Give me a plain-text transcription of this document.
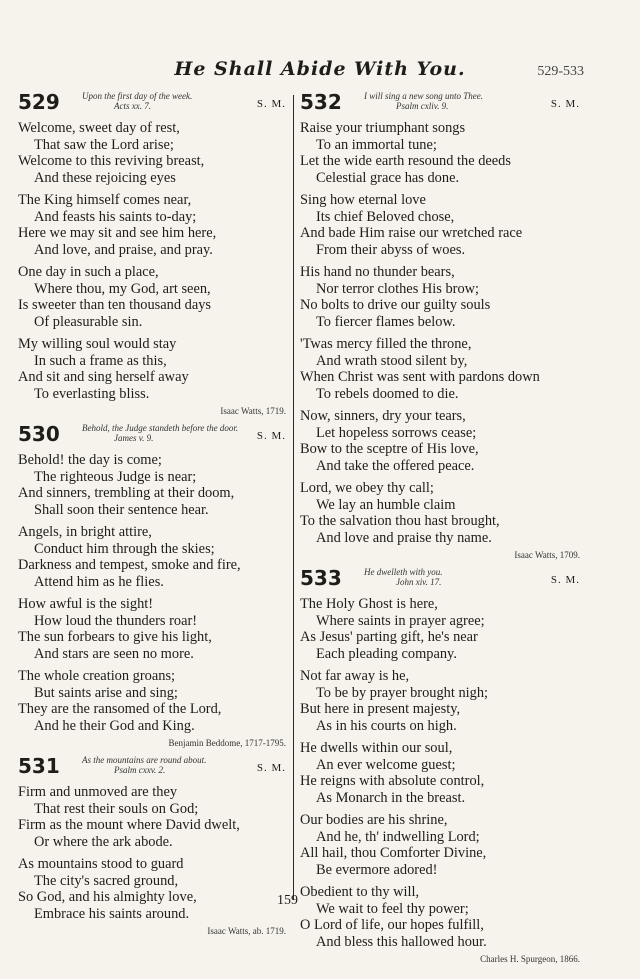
He Shall Abide With You.	529-533
529 Upon the first day of the week.
Acts xx. 7.	S. M.
Welcome, sweet day of rest,
That saw the Lord arise;
Welcome to this reviving breast,
And these rejoicing eyes
The King himself comes near,
And feasts his saints to-day;
Here we may sit and see him here,
And love, and praise, and pray.
One day in such a place,
Where thou, my God, art seen,
Is sweeter than ten thousand days
Of pleasurable sin.
My willing soul would stay
In such a frame as this,
And sit and sing herself away
To everlasting bliss.
Isaac Watts, 1719.
530 Behold, the Judge standeth before the door.
James v. 9.	S. M.
Behold! the day is come;
The righteous Judge is near;
And sinners, trembling at their doom,
Shall soon their sentence hear.
Angels, in bright attire,
Conduct him through the skies;
Darkness and tempest, smoke and fire,
Attend him as he flies.
How awful is the sight!
How loud the thunders roar!
The sun forbears to give his light,
And stars are seen no more.
The whole creation groans;
But saints arise and sing;
They are the ransomed of the Lord,
And he their God and King.
Benjamin Beddome, 1717-1795.
531 As the mountains are round about.
Psalm cxxv. 2.	S. M.
Firm and unmoved are they
That rest their souls on God;
Firm as the mount where David dwelt,
Or where the ark abode.
As mountains stood to guard
The city's sacred ground,
So God, and his almighty love,
Embrace his saints around.
Isaac Watts, ab. 1719.
532 I will sing a new song unto Thee.
Psalm cxliv. 9.	S. M.
Raise your triumphant songs
To an immortal tune;
Let the wide earth resound the deeds
Celestial grace has done.
Sing how eternal love
Its chief Beloved chose,
And bade Him raise our wretched race
From their abyss of woes.
His hand no thunder bears,
Nor terror clothes His brow;
No bolts to drive our guilty souls
To fiercer flames below.
'Twas mercy filled the throne,
And wrath stood silent by,
When Christ was sent with pardons down
To rebels doomed to die.
Now, sinners, dry your tears,
Let hopeless sorrows cease;
Bow to the sceptre of His love,
And take the offered peace.
Lord, we obey thy call;
We lay an humble claim
To the salvation thou hast brought,
And love and praise thy name.
Isaac Watts, 1709.
533 He dwelleth with you.
John xiv. 17.	S. M.
The Holy Ghost is here,
Where saints in prayer agree;
As Jesus' parting gift, he's near
Each pleading company.
Not far away is he,
To be by prayer brought nigh;
But here in present majesty,
As in his courts on high.
He dwells within our soul,
An ever welcome guest;
He reigns with absolute control,
As Monarch in the breast.
Our bodies are his shrine,
And he, th' indwelling Lord;
All hail, thou Comforter Divine,
Be evermore adored!
Obedient to thy will,
We wait to feel thy power;
O Lord of life, our hopes fulfill,
And bless this hallowed hour.
Charles H. Spurgeon, 1866.
159
